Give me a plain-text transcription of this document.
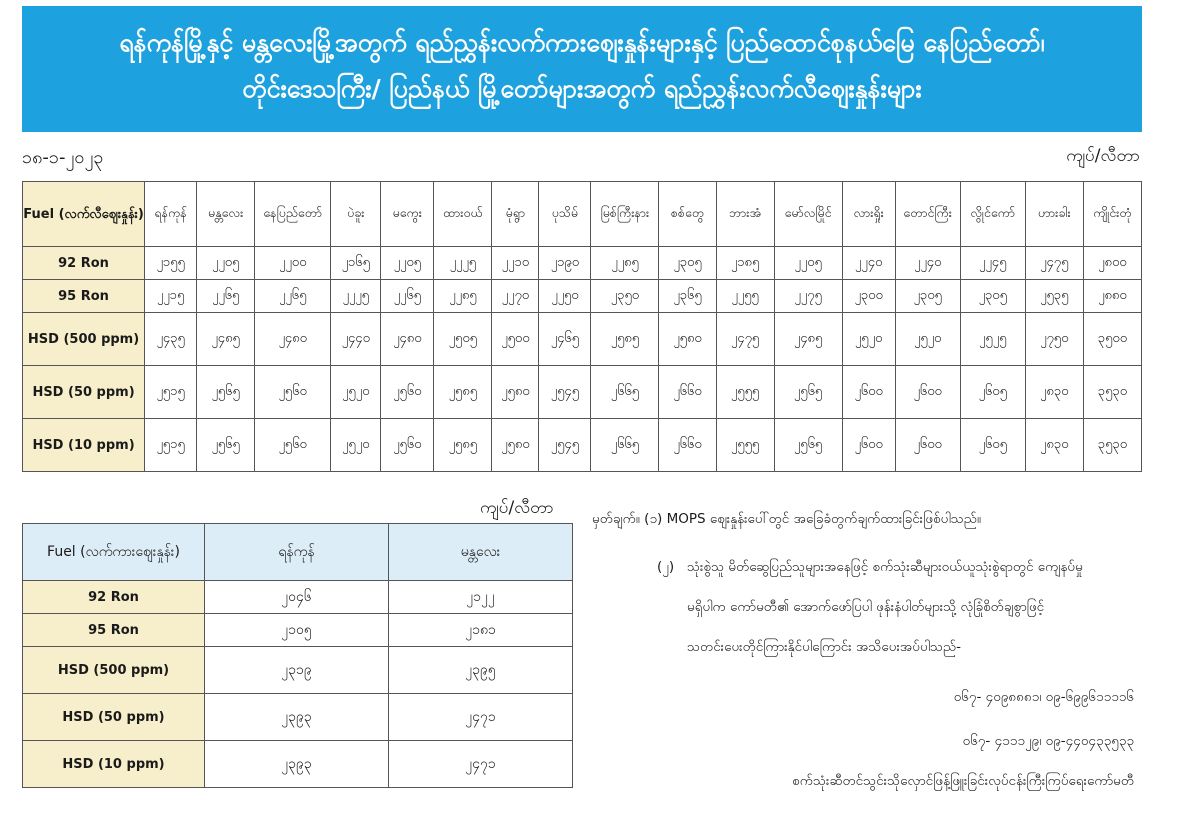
ရန်ကုန်မြို့နှင့် မန္တလေးမြို့အတွက် ရည်ညွှန်းလက်ကားဈေးနှုန်းများနှင့် ပြည်ထောင်စုနယ်မြေ နေပြည်တော်၊
တိုင်းဒေသကြီး/ ပြည်နယ် မြို့တော်များအတွက် ရည်ညွှန်းလက်လီဈေးနှုန်းများ
၁၈-၁-၂၀၂၃	ကျပ်/လီတာ
Fuel (လက်လီဈေးနှုန်း)	ရန်ကုန်	မန္တလေး	နေပြည်တော်	ပဲခူး	မကွေး	ထားဝယ်	မုံရွာ	ပုသိမ်	မြစ်ကြီးနား	စစ်တွေ	ဘားအံ	မော်လမြိုင်	လားရှိုး	တောင်ကြီး	လွိုင်ကော်	ဟားခါး	ကျိုင်းတုံ
92 Ron	၂၁၅၅	၂၂၀၅	၂၂၀၀	၂၁၆၅	၂၂၀၅	၂၂၂၅	၂၂၁၀	၂၁၉၀	၂၂၈၅	၂၃၀၅	၂၁၈၅	၂၂၀၅	၂၂၄၀	၂၂၄၀	၂၂၄၅	၂၄၇၅	၂၈၀၀
95 Ron	၂၂၁၅	၂၂၆၅	၂၂၆၅	၂၂၂၅	၂၂၆၅	၂၂၈၅	၂၂၇၀	၂၂၅၀	၂၃၅၀	၂၃၆၅	၂၂၅၅	၂၂၇၅	၂၃၀၀	၂၃၀၅	၂၃၀၅	၂၅၃၅	၂၈၈၀
HSD (500 ppm)	၂၄၃၅	၂၄၈၅	၂၄၈၀	၂၄၄၀	၂၄၈၀	၂၅၀၅	၂၅၀၀	၂၄၆၅	၂၅၈၅	၂၅၈၀	၂၄၇၅	၂၄၈၅	၂၅၂၀	၂၅၂၀	၂၅၂၅	၂၇၅၀	၃၅၀၀
HSD (50 ppm)	၂၅၁၅	၂၅၆၅	၂၅၆၀	၂၅၂၀	၂၅၆၀	၂၅၈၅	၂၅၈၀	၂၅၄၅	၂၆၆၅	၂၆၆၀	၂၅၅၅	၂၅၆၅	၂၆၀၀	၂၆၀၀	၂၆၀၅	၂၈၃၀	၃၅၃၀
HSD (10 ppm)	၂၅၁၅	၂၅၆၅	၂၅၆၀	၂၅၂၀	၂၅၆၀	၂၅၈၅	၂၅၈၀	၂၅၄၅	၂၆၆၅	၂၆၆၀	၂၅၅၅	၂၅၆၅	၂၆၀၀	၂၆၀၀	၂၆၀၅	၂၈၃၀	၃၅၃၀
ကျပ်/လီတာ
Fuel (လက်ကားဈေးနှုန်း)	ရန်ကုန်	မန္တလေး
92 Ron	၂၀၄၆	၂၁၂၂
95 Ron	၂၁၀၅	၂၁၈၁
HSD (500 ppm)	၂၃၁၉	၂၃၉၅
HSD (50 ppm)	၂၃၉၃	၂၄၇၁
HSD (10 ppm)	၂၃၉၃	၂၄၇၁
မှတ်ချက်။ (၁) MOPS ဈေးနှုန်းပေါ်တွင် အခြေခံတွက်ချက်ထားခြင်းဖြစ်ပါသည်။
(၂) သုံးစွဲသူ မိတ်ဆွေပြည်သူများအနေဖြင့် စက်သုံးဆီများဝယ်ယူသုံးစွဲရာတွင် ကျေနပ်မှု
မရှိပါက ကော်မတီ၏ အောက်ဖော်ပြပါ ဖုန်းနံပါတ်များသို့ လုံခြုံစိတ်ချစွာဖြင့်
သတင်းပေးတိုင်ကြားနိုင်ပါကြောင်း အသိပေးအပ်ပါသည်-
၀၆၇- ၄၀၉၈၈၈၁၊ ၀၉-၆၉၉၆၁၁၁၁၆
၀၆၇- ၄၁၁၁၂၉၊ ၀၉-၄၄၀၄၃၃၅၃၃
စက်သုံးဆီတင်သွင်းသိုလှောင်ဖြန့်ဖြူးခြင်းလုပ်ငန်းကြီးကြပ်ရေးကော်မတီ
